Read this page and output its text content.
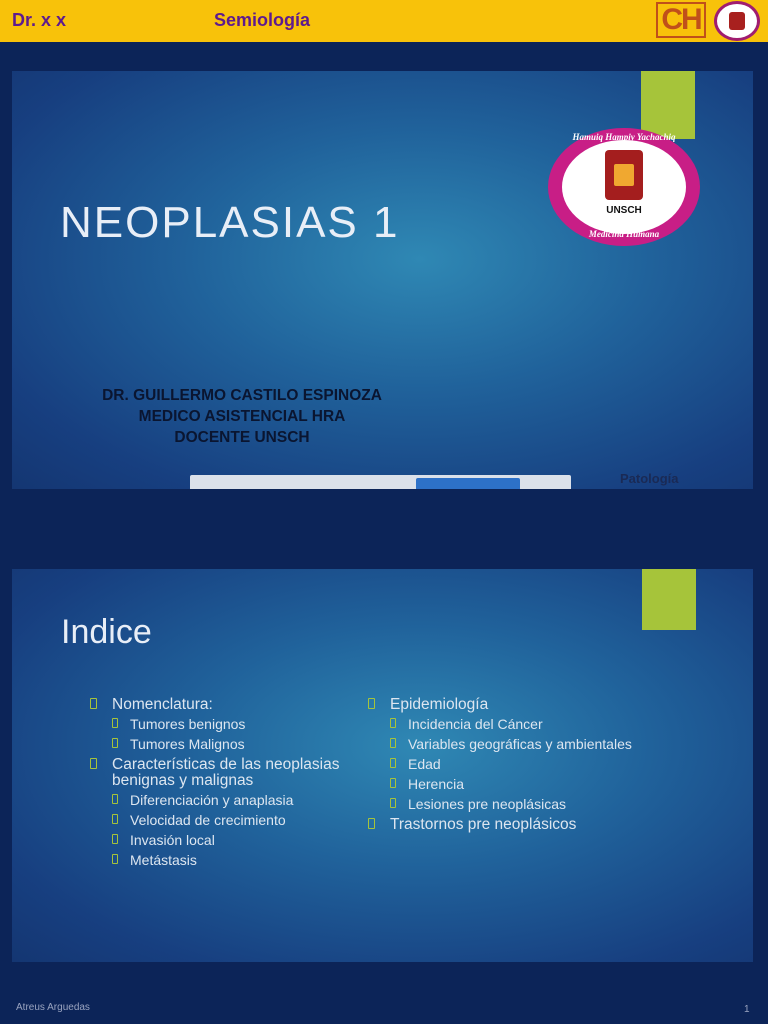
Dr. x x	Semiología	CH
NEOPLASIAS 1
Hamuiq Hampiy Yachachiq
UNSCH
Medicina Humana
DR. GUILLERMO CASTILO ESPINOZA
MEDICO ASISTENCIAL HRA
DOCENTE UNSCH
Patología
Indice
Nomenclatura:
Tumores benignos
Tumores Malignos
Características de las neoplasias benignas y malignas
Diferenciación y anaplasia
Velocidad de crecimiento
Invasión local
Metástasis
Epidemiología
Incidencia del Cáncer
Variables geográficas y ambientales
Edad
Herencia
Lesiones pre neoplásicas
Trastornos pre neoplásicos
Atreus Arguedas	1
